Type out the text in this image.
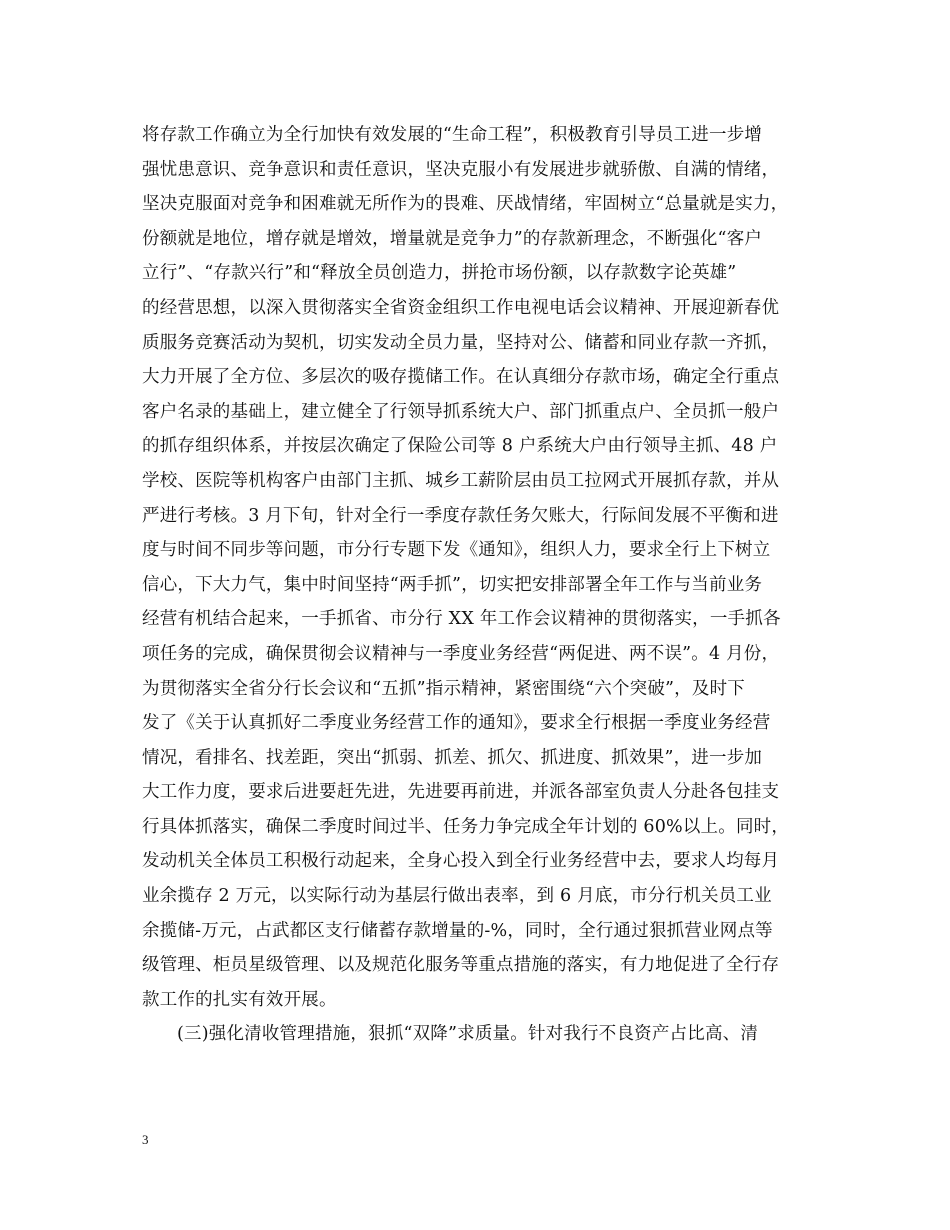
将存款工作确立为全行加快有效发展的“生命工程”，积极教育引导员工进一步增
强忧患意识、竞争意识和责任意识，坚决克服小有发展进步就骄傲、自满的情绪，
坚决克服面对竞争和困难就无所作为的畏难、厌战情绪，牢固树立“总量就是实力，
份额就是地位，增存就是增效，增量就是竞争力”的存款新理念，不断强化“客户
立行”、“存款兴行”和“释放全员创造力，拼抢市场份额，以存款数字论英雄”
的经营思想，以深入贯彻落实全省资金组织工作电视电话会议精神、开展迎新春优
质服务竞赛活动为契机，切实发动全员力量，坚持对公、储蓄和同业存款一齐抓，
大力开展了全方位、多层次的吸存揽储工作。在认真细分存款市场，确定全行重点
客户名录的基础上，建立健全了行领导抓系统大户、部门抓重点户、全员抓一般户
的抓存组织体系，并按层次确定了保险公司等 8 户系统大户由行领导主抓、48 户
学校、医院等机构客户由部门主抓、城乡工薪阶层由员工拉网式开展抓存款，并从
严进行考核。3 月下旬，针对全行一季度存款任务欠账大，行际间发展不平衡和进
度与时间不同步等问题，市分行专题下发《通知》，组织人力，要求全行上下树立
信心，下大力气，集中时间坚持“两手抓”，切实把安排部署全年工作与当前业务
经营有机结合起来，一手抓省、市分行 XX 年工作会议精神的贯彻落实，一手抓各
项任务的完成，确保贯彻会议精神与一季度业务经营“两促进、两不误”。4 月份，
为贯彻落实全省分行长会议和“五抓”指示精神，紧密围绕“六个突破”，及时下
发了《关于认真抓好二季度业务经营工作的通知》，要求全行根据一季度业务经营
情况，看排名、找差距，突出“抓弱、抓差、抓欠、抓进度、抓效果”，进一步加
大工作力度，要求后进要赶先进，先进要再前进，并派各部室负责人分赴各包挂支
行具体抓落实，确保二季度时间过半、任务力争完成全年计划的 60%以上。同时，
发动机关全体员工积极行动起来，全身心投入到全行业务经营中去，要求人均每月
业余揽存 2 万元，以实际行动为基层行做出表率，到 6 月底，市分行机关员工业
余揽储-万元，占武都区支行储蓄存款增量的-%，同时，全行通过狠抓营业网点等
级管理、柜员星级管理、以及规范化服务等重点措施的落实，有力地促进了全行存
款工作的扎实有效开展。
(三)强化清收管理措施，狠抓“双降”求质量。针对我行不良资产占比高、清
3
